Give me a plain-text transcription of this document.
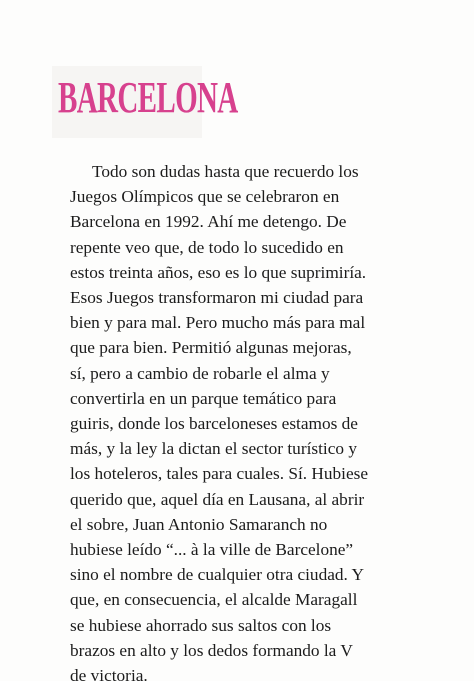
BARCELONA

Todo son dudas hasta que recuerdo los
Juegos Olímpicos que se celebraron en
Barcelona en 1992. Ahí me detengo. De
repente veo que, de todo lo sucedido en
estos treinta años, eso es lo que suprimiría.
Esos Juegos transformaron mi ciudad para
bien y para mal. Pero mucho más para mal
que para bien. Permitió algunas mejoras,
sí, pero a cambio de robarle el alma y
convertirla en un parque temático para
guiris, donde los barceloneses estamos de
más, y la ley la dictan el sector turístico y
los hoteleros, tales para cuales. Sí. Hubiese
querido que, aquel día en Lausana, al abrir
el sobre, Juan Antonio Samaranch no
hubiese leído “... à la ville de Barcelone”
sino el nombre de cualquier otra ciudad. Y
que, en consecuencia, el alcalde Maragall
se hubiese ahorrado sus saltos con los
brazos en alto y los dedos formando la V
de victoria.
